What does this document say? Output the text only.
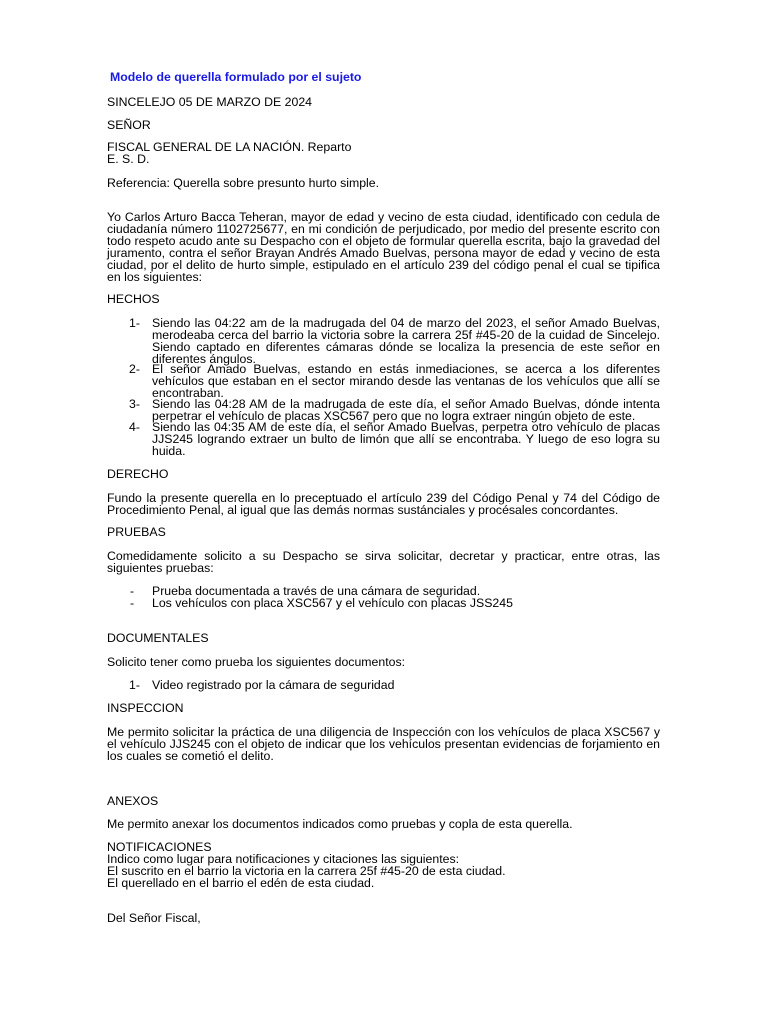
Modelo de querella formulado por el sujeto

SINCELEJO 05 DE MARZO DE 2024

SEÑOR

FISCAL GENERAL DE LA NACIÓN. Reparto

E. S. D.

Referencia: Querella sobre presunto hurto simple.

Yo Carlos Arturo Bacca Teheran, mayor de edad y vecino de esta ciudad, identificado con cedula de ciudadanía número 1102725677, en mi condición de perjudicado, por medio del presente escrito con todo respeto acudo ante su Despacho con el objeto de formular querella escrita, bajo la gravedad del juramento, contra el señor Brayan Andrés Amado Buelvas, persona mayor de edad y vecino de esta ciudad, por el delito de hurto simple, estipulado en el artículo 239 del código penal el cual se tipifica en los siguientes:

HECHOS

1- Siendo las 04:22 am de la madrugada del 04 de marzo del 2023, el señor Amado Buelvas, merodeaba cerca del barrio la victoria sobre la carrera 25f #45-20 de la cuidad de Sincelejo. Siendo captado en diferentes cámaras dónde se localiza la presencia de este señor en diferentes ángulos.
2- El señor Amado Buelvas, estando en estás inmediaciones, se acerca a los diferentes vehículos que estaban en el sector mirando desde las ventanas de los vehículos que allí se encontraban.
3- Siendo las 04:28 AM de la madrugada de este día, el señor Amado Buelvas, dónde intenta perpetrar el vehículo de placas XSC567 pero que no logra extraer ningún objeto de este.
4- Siendo las 04:35 AM de este día, el señor Amado Buelvas, perpetra otro vehículo de placas JJS245 logrando extraer un bulto de limón que allí se encontraba. Y luego de eso logra su huida.

DERECHO

Fundo la presente querella en lo preceptuado el artículo 239 del Código Penal y 74 del Código de Procedimiento Penal, al igual que las demás normas sustánciales y procésales concordantes.

PRUEBAS

Comedidamente solicito a su Despacho se sirva solicitar, decretar y practicar, entre otras, las siguientes pruebas:

-	Prueba documentada a través de una cámara de seguridad.
-	Los vehículos con placa XSC567 y el vehículo con placas JSS245

DOCUMENTALES

Solicito tener como prueba los siguientes documentos:

1- Video registrado por la cámara de seguridad

INSPECCION

Me permito solicitar la práctica de una diligencia de Inspección con los vehículos de placa XSC567 y el vehículo JJS245 con el objeto de indicar que los vehículos presentan evidencias de forjamiento en los cuales se cometió el delito.

ANEXOS

Me permito anexar los documentos indicados como pruebas y copla de esta querella.

NOTIFICACIONES

Indico como lugar para notificaciones y citaciones las siguientes:

El suscrito en el barrio la victoria en la carrera 25f #45-20 de esta ciudad.

El querellado en el barrio el edén de esta ciudad.

Del Señor Fiscal,
